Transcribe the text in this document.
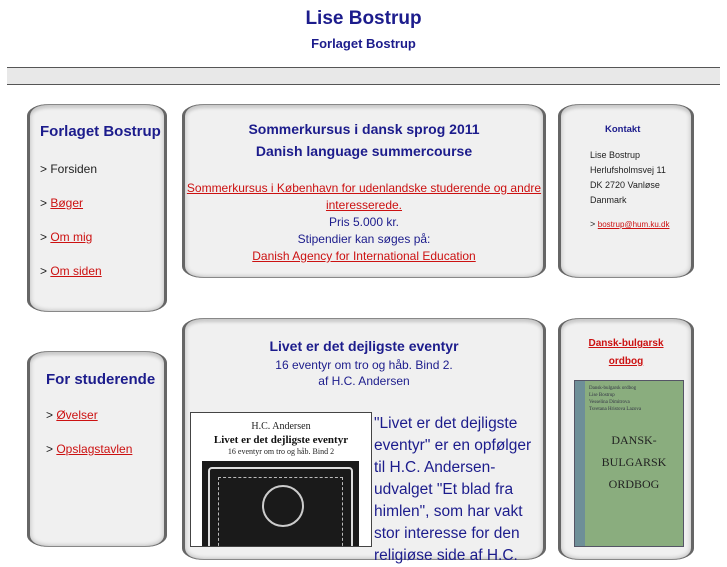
Lise Bostrup
Forlaget Bostrup
Forlaget Bostrup
> Forsiden
> Bøger
> Om mig
> Om siden
For studerende
> Øvelser
> Opslagstavlen
Sommerkursus i dansk sprog 2011
Danish language summercourse
Sommerkursus i København for udenlandske studerende og andre interesserede.
Pris 5.000 kr.
Stipendier kan søges på:
Danish Agency for International Education
Livet er det dejligste eventyr
16 eventyr om tro og håb. Bind 2.
af H.C. Andersen
H.C. Andersen
Livet er det dejligste eventyr
16 eventyr om tro og håb. Bind 2
"Livet er det dejligste eventyr" er en opfølger til H.C. Andersen-udvalget "Et blad fra himlen", som har vakt stor interesse for den religiøse side af H.C.
Kontakt
Lise Bostrup
Herlufsholmsvej 11
DK 2720 Vanløse
Danmark
> bostrup@hum.ku.dk
Dansk-bulgarsk ordbog
Dansk-bulgarsk ordbog
Lise Bostrup
Vesselina Dimitrova
Tsvetana Hristova Lazova
DANSK-
BULGARSK
ORDBOG
